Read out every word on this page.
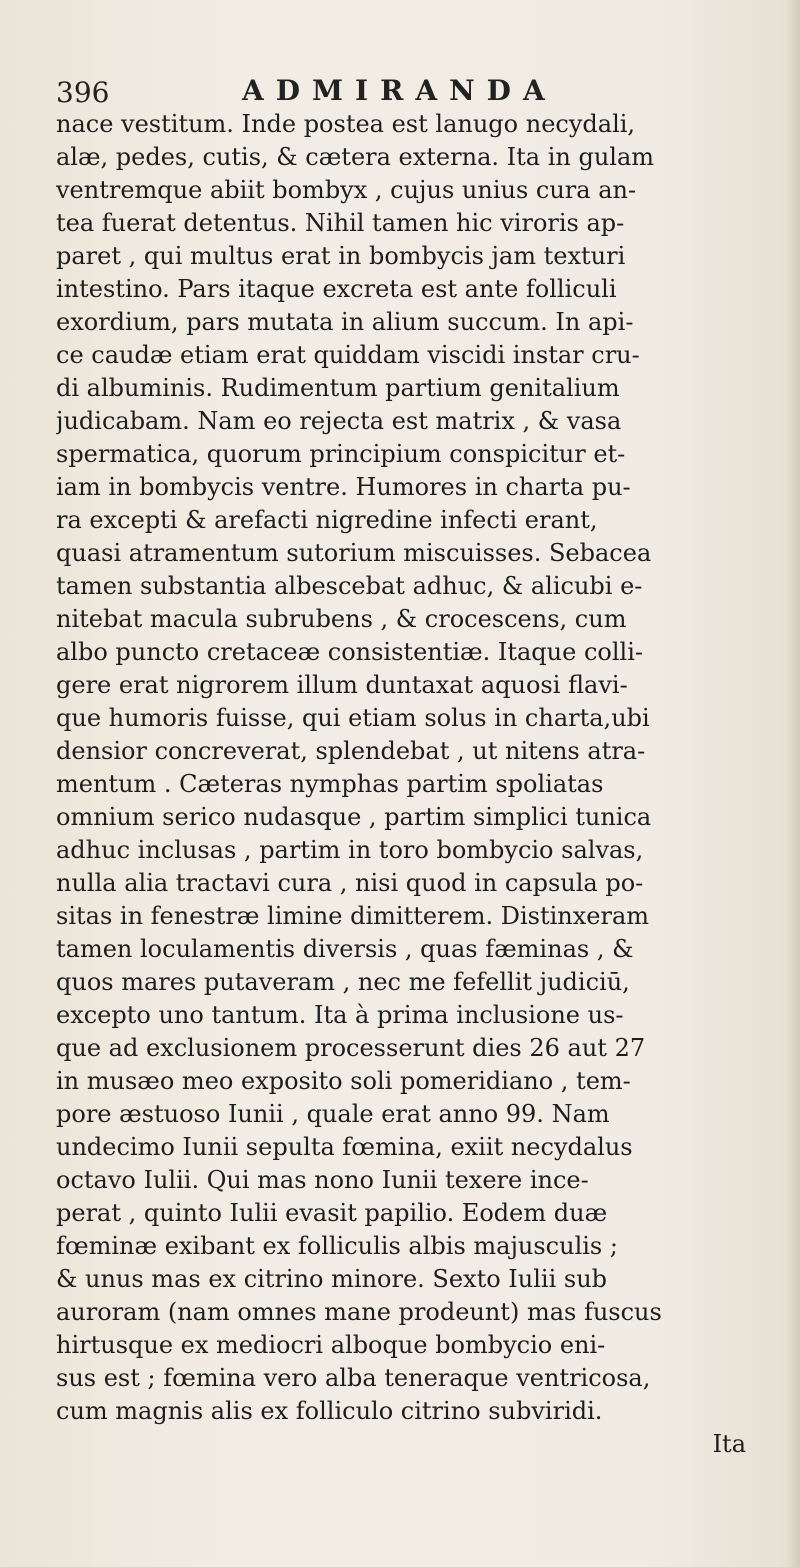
396	ADMIRANDA
nace vestitum. Inde postea est lanugo necydali,
alæ, pedes, cutis, & cætera externa. Ita in gulam
ventremque abiit bombyx , cujus unius cura an-
tea fuerat detentus. Nihil tamen hic viroris ap-
paret , qui multus erat in bombycis jam texturi
intestino. Pars itaque excreta est ante folliculi
exordium, pars mutata in alium succum. In api-
ce caudæ etiam erat quiddam viscidi instar cru-
di albuminis. Rudimentum partium genitalium
judicabam. Nam eo rejecta est matrix , & vasa
spermatica, quorum principium conspicitur et-
iam in bombycis ventre. Humores in charta pu-
ra excepti & arefacti nigredine infecti erant,
quasi atramentum sutorium miscuisses. Sebacea
tamen substantia albescebat adhuc, & alicubi e-
nitebat macula subrubens , & crocescens, cum
albo puncto cretaceæ consistentiæ. Itaque colli-
gere erat nigrorem illum duntaxat aquosi flavi-
que humoris fuisse, qui etiam solus in charta,ubi
densior concreverat, splendebat , ut nitens atra-
mentum . Cæteras nymphas partim spoliatas
omnium serico nudasque , partim simplici tunica
adhuc inclusas , partim in toro bombycio salvas,
nulla alia tractavi cura , nisi quod in capsula po-
sitas in fenestræ limine dimitterem. Distinxeram
tamen loculamentis diversis , quas fæminas , &
quos mares putaveram , nec me fefellit judiciū,
excepto uno tantum. Ita à prima inclusione us-
que ad exclusionem processerunt dies 26 aut 27
in musæo meo exposito soli pomeridiano , tem-
pore æstuoso Iunii , quale erat anno 99. Nam
undecimo Iunii sepulta fœmina, exiit necydalus
octavo Iulii. Qui mas nono Iunii texere ince-
perat , quinto Iulii evasit papilio. Eodem duæ
fœminæ exibant ex folliculis albis majusculis ;
& unus mas ex citrino minore. Sexto Iulii sub
auroram (nam omnes mane prodeunt) mas fuscus
hirtusque ex mediocri alboque bombycio eni-
sus est ; fœmina vero alba teneraque ventricosa,
cum magnis alis ex folliculo citrino subviridi.
Ita
